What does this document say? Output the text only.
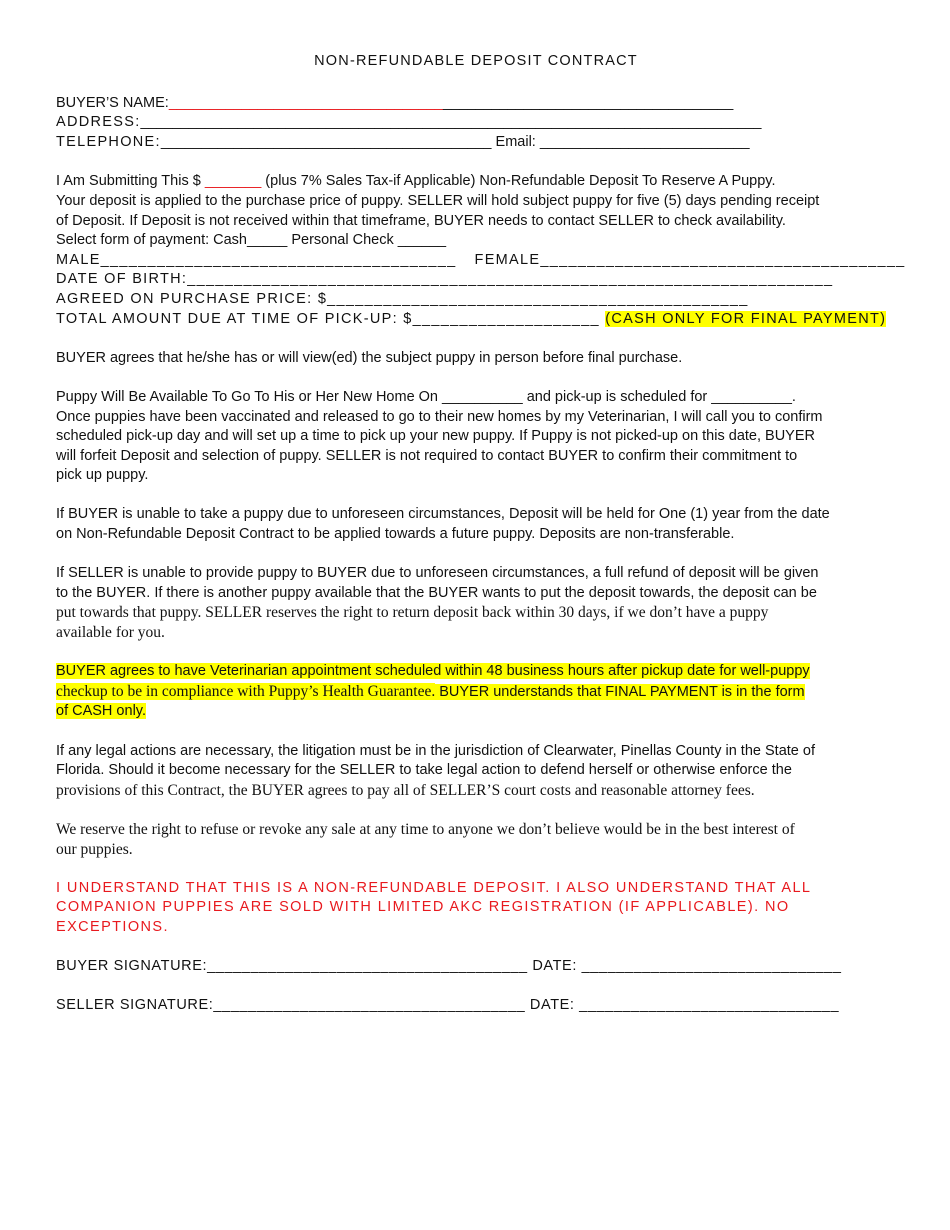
NON-REFUNDABLE DEPOSIT CONTRACT

BUYER’S NAME:______________________________________________________________________

ADDRESS:_____________________________________________________________________________

TELEPHONE:_________________________________________ Email: __________________________

I Am Submitting This $ _______ (plus 7% Sales Tax-if Applicable) Non-Refundable Deposit To Reserve A Puppy.

Your deposit is applied to the purchase price of puppy. SELLER will hold subject puppy for five (5) days pending receipt

of Deposit. If Deposit is not received within that timeframe, BUYER needs to contact SELLER to check availability.

Select form of payment: Cash_____ Personal Check ______

MALE______________________________________ FEMALE_______________________________________

DATE OF BIRTH:_____________________________________________________________________

AGREED ON PURCHASE PRICE: $_____________________________________________

TOTAL AMOUNT DUE AT TIME OF PICK-UP: $____________________ (CASH ONLY FOR FINAL PAYMENT)

BUYER agrees that he/she has or will view(ed) the subject puppy in person before final purchase.

Puppy Will Be Available To Go To His or Her New Home On __________ and pick-up is scheduled for __________.

Once puppies have been vaccinated and released to go to their new homes by my Veterinarian, I will call you to confirm

scheduled pick-up day and will set up a time to pick up your new puppy. If Puppy is not picked-up on this date, BUYER

will forfeit Deposit and selection of puppy. SELLER is not required to contact BUYER to confirm their commitment to

pick up puppy.

If BUYER is unable to take a puppy due to unforeseen circumstances, Deposit will be held for One (1) year from the date

on Non-Refundable Deposit Contract to be applied towards a future puppy. Deposits are non-transferable.

If SELLER is unable to provide puppy to BUYER due to unforeseen circumstances, a full refund of deposit will be given

to the BUYER. If there is another puppy available that the BUYER wants to put the deposit towards, the deposit can be

put towards that puppy. SELLER reserves the right to return deposit back within 30 days, if we don’t have a puppy

available for you.

BUYER agrees to have Veterinarian appointment scheduled within 48 business hours after pickup date for well-puppy

checkup to be in compliance with Puppy’s Health Guarantee. BUYER understands that FINAL PAYMENT is in the form

of CASH only.

If any legal actions are necessary, the litigation must be in the jurisdiction of Clearwater, Pinellas County in the State of

Florida. Should it become necessary for the SELLER to take legal action to defend herself or otherwise enforce the

provisions of this Contract, the BUYER agrees to pay all of SELLER’S court costs and reasonable attorney fees.

We reserve the right to refuse or revoke any sale at any time to anyone we don’t believe would be in the best interest of

our puppies.

I UNDERSTAND THAT THIS IS A NON-REFUNDABLE DEPOSIT. I ALSO UNDERSTAND THAT ALL

COMPANION PUPPIES ARE SOLD WITH LIMITED AKC REGISTRATION (IF APPLICABLE). NO

EXCEPTIONS.

BUYER SIGNATURE:_____________________________________ DATE: ______________________________

SELLER SIGNATURE:____________________________________ DATE: ______________________________
